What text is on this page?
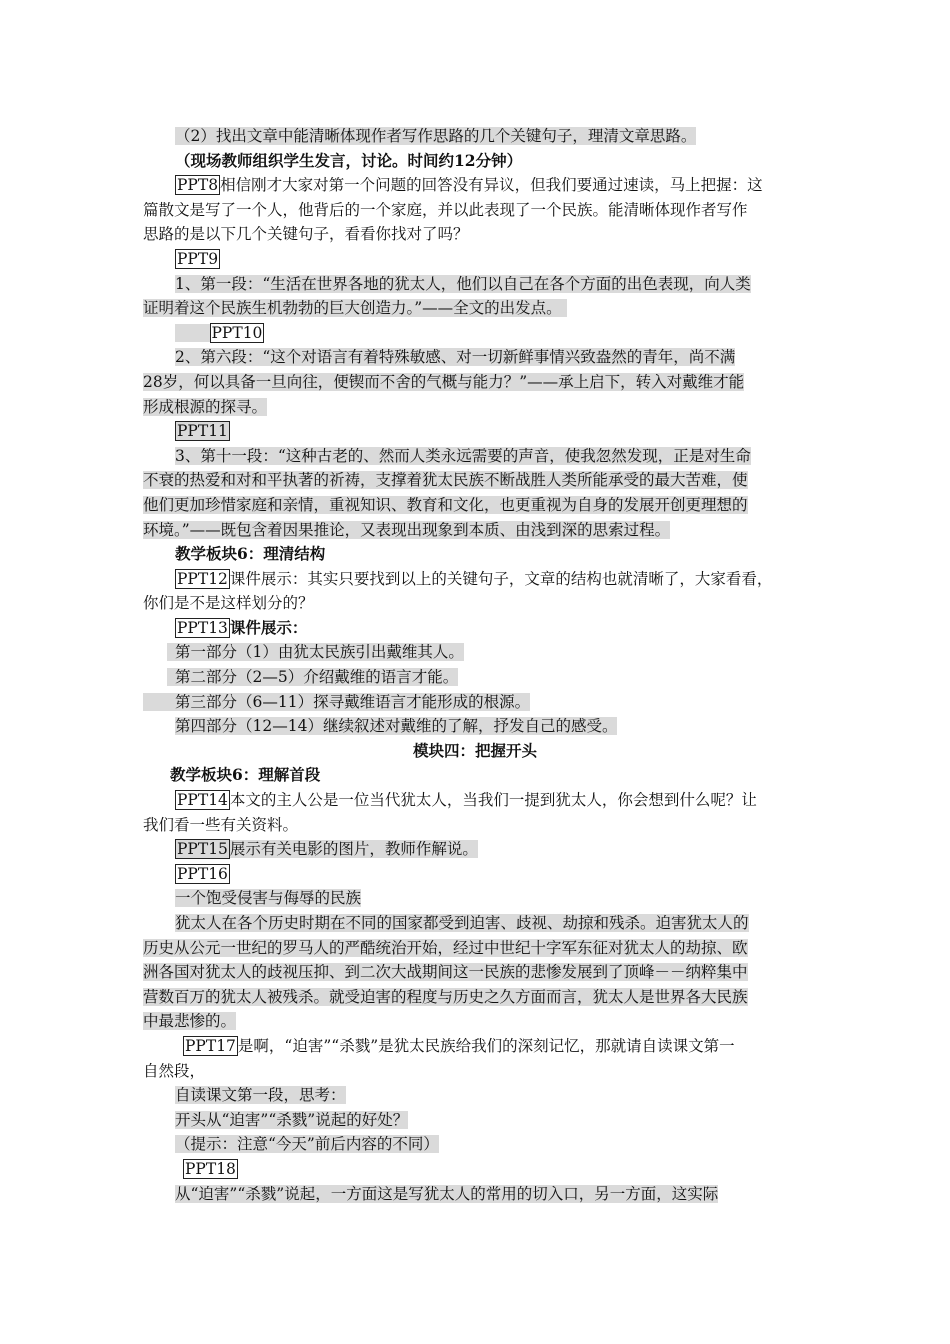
（2）找出文章中能清晰体现作者写作思路的几个关键句子，理清文章思路。

（现场教师组织学生发言，讨论。时间约12分钟）

PPT8 相信刚才大家对第一个问题的回答没有异议，但我们要通过速读，马上把握：这

篇散文是写了一个人，他背后的一个家庭，并以此表现了一个民族。能清晰体现作者写作

思路的是以下几个关键句子，看看你找对了吗？

PPT9

1、第一段：“生活在世界各地的犹太人，他们以自己在各个方面的出色表现，向人类

证明着这个民族生机勃勃的巨大创造力。”——全文的出发点。

PPT10

2、第六段：“这个对语言有着特殊敏感、对一切新鲜事情兴致盎然的青年，尚不满

28岁，何以具备一旦向往，便锲而不舍的气概与能力？”——承上启下，转入对戴维才能

形成根源的探寻。

PPT11

3、第十一段：“这种古老的、然而人类永远需要的声音，使我忽然发现，正是对生命

不衰的热爱和对和平执著的祈祷，支撑着犹太民族不断战胜人类所能承受的最大苦难，使

他们更加珍惜家庭和亲情，重视知识、教育和文化，也更重视为自身的发展开创更理想的

环境。”——既包含着因果推论，又表现出现象到本质、由浅到深的思索过程。

教学板块6：理清结构

PPT12 课件展示：其实只要找到以上的关键句子，文章的结构也就清晰了，大家看看，

你们是不是这样划分的？

PPT13 课件展示：

第一部分（1）由犹太民族引出戴维其人。

第二部分（2—5）介绍戴维的语言才能。

第三部分（6—11）探寻戴维语言才能形成的根源。

第四部分（12—14）继续叙述对戴维的了解，抒发自己的感受。

模块四：把握开头

教学板块6：理解首段

PPT14 本文的主人公是一位当代犹太人，当我们一提到犹太人，你会想到什么呢？让

我们看一些有关资料。

PPT15 展示有关电影的图片，教师作解说。

PPT16

一个饱受侵害与侮辱的民族

犹太人在各个历史时期在不同的国家都受到迫害、歧视、劫掠和残杀。迫害犹太人的

历史从公元一世纪的罗马人的严酷统治开始，经过中世纪十字军东征对犹太人的劫掠、欧

洲各国对犹太人的歧视压抑、到二次大战期间这一民族的悲惨发展到了顶峰－－纳粹集中

营数百万的犹太人被残杀。就受迫害的程度与历史之久方面而言，犹太人是世界各大民族

中最悲惨的。

PPT17 是啊，“迫害”“杀戮”是犹太民族给我们的深刻记忆，那就请自读课文第一

自然段，

自读课文第一段，思考：

开头从“迫害”“杀戮”说起的好处？

（提示：注意“今天”前后内容的不同）

PPT18

从“迫害”“杀戮”说起，一方面这是写犹太人的常用的切入口，另一方面，这实际
